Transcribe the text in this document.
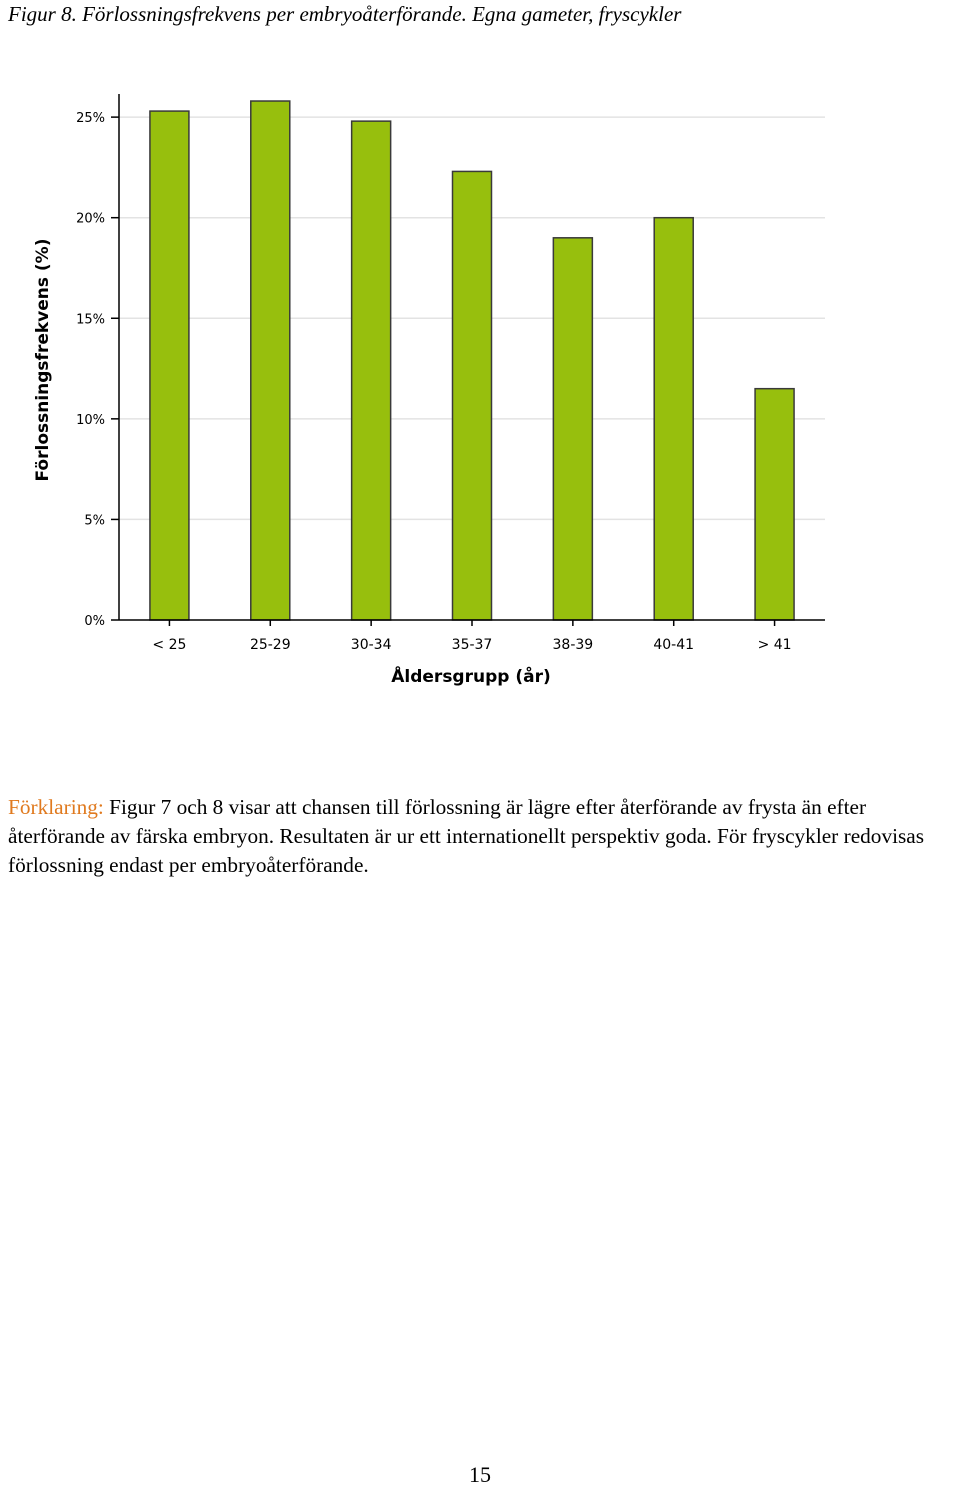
Figur 8. Förlossningsfrekvens per embryoåterförande. Egna gameter, fryscykler
0%
5%
10%
15%
20%
25%
< 25	25-29	30-34	35-37	38-39	40-41	> 41
Förlossningsfrekvens (%)
Åldersgrupp (år)
Förklaring: Figur 7 och 8 visar att chansen till förlossning är lägre efter återförande av frysta än efter återförande av färska embryon. Resultaten är ur ett internationellt perspektiv goda. För fryscykler redovisas förlossning endast per embryoåterförande.
15
